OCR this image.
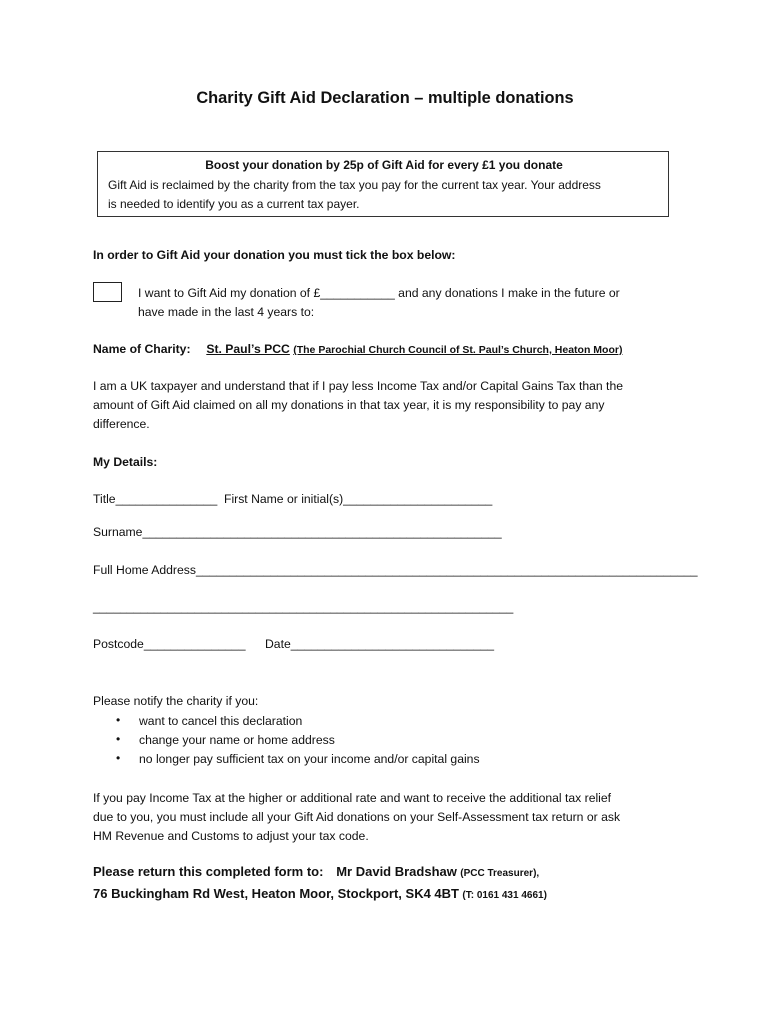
Charity Gift Aid Declaration – multiple donations
Boost your donation by 25p of Gift Aid for every £1 you donate
Gift Aid is reclaimed by the charity from the tax you pay for the current tax year. Your address
is needed to identify you as a current tax payer.
In order to Gift Aid your donation you must tick the box below:
I want to Gift Aid my donation of £___________ and any donations I make in the future or
have made in the last 4 years to:
Name of Charity: St. Paul’s PCC (The Parochial Church Council of St. Paul’s Church, Heaton Moor)
I am a UK taxpayer and understand that if I pay less Income Tax and/or Capital Gains Tax than the
amount of Gift Aid claimed on all my donations in that tax year, it is my responsibility to pay any
difference.
My Details:
Title_______________ First Name or initial(s)______________________
Surname_____________________________________________________
Full Home Address__________________________________________________________________________
______________________________________________________________
Postcode_______________ Date______________________________
Please notify the charity if you:
• want to cancel this declaration
• change your name or home address
• no longer pay sufficient tax on your income and/or capital gains
If you pay Income Tax at the higher or additional rate and want to receive the additional tax relief
due to you, you must include all your Gift Aid donations on your Self-Assessment tax return or ask
HM Revenue and Customs to adjust your tax code.
Please return this completed form to: Mr David Bradshaw (PCC Treasurer),
76 Buckingham Rd West, Heaton Moor, Stockport, SK4 4BT (T: 0161 431 4661)
